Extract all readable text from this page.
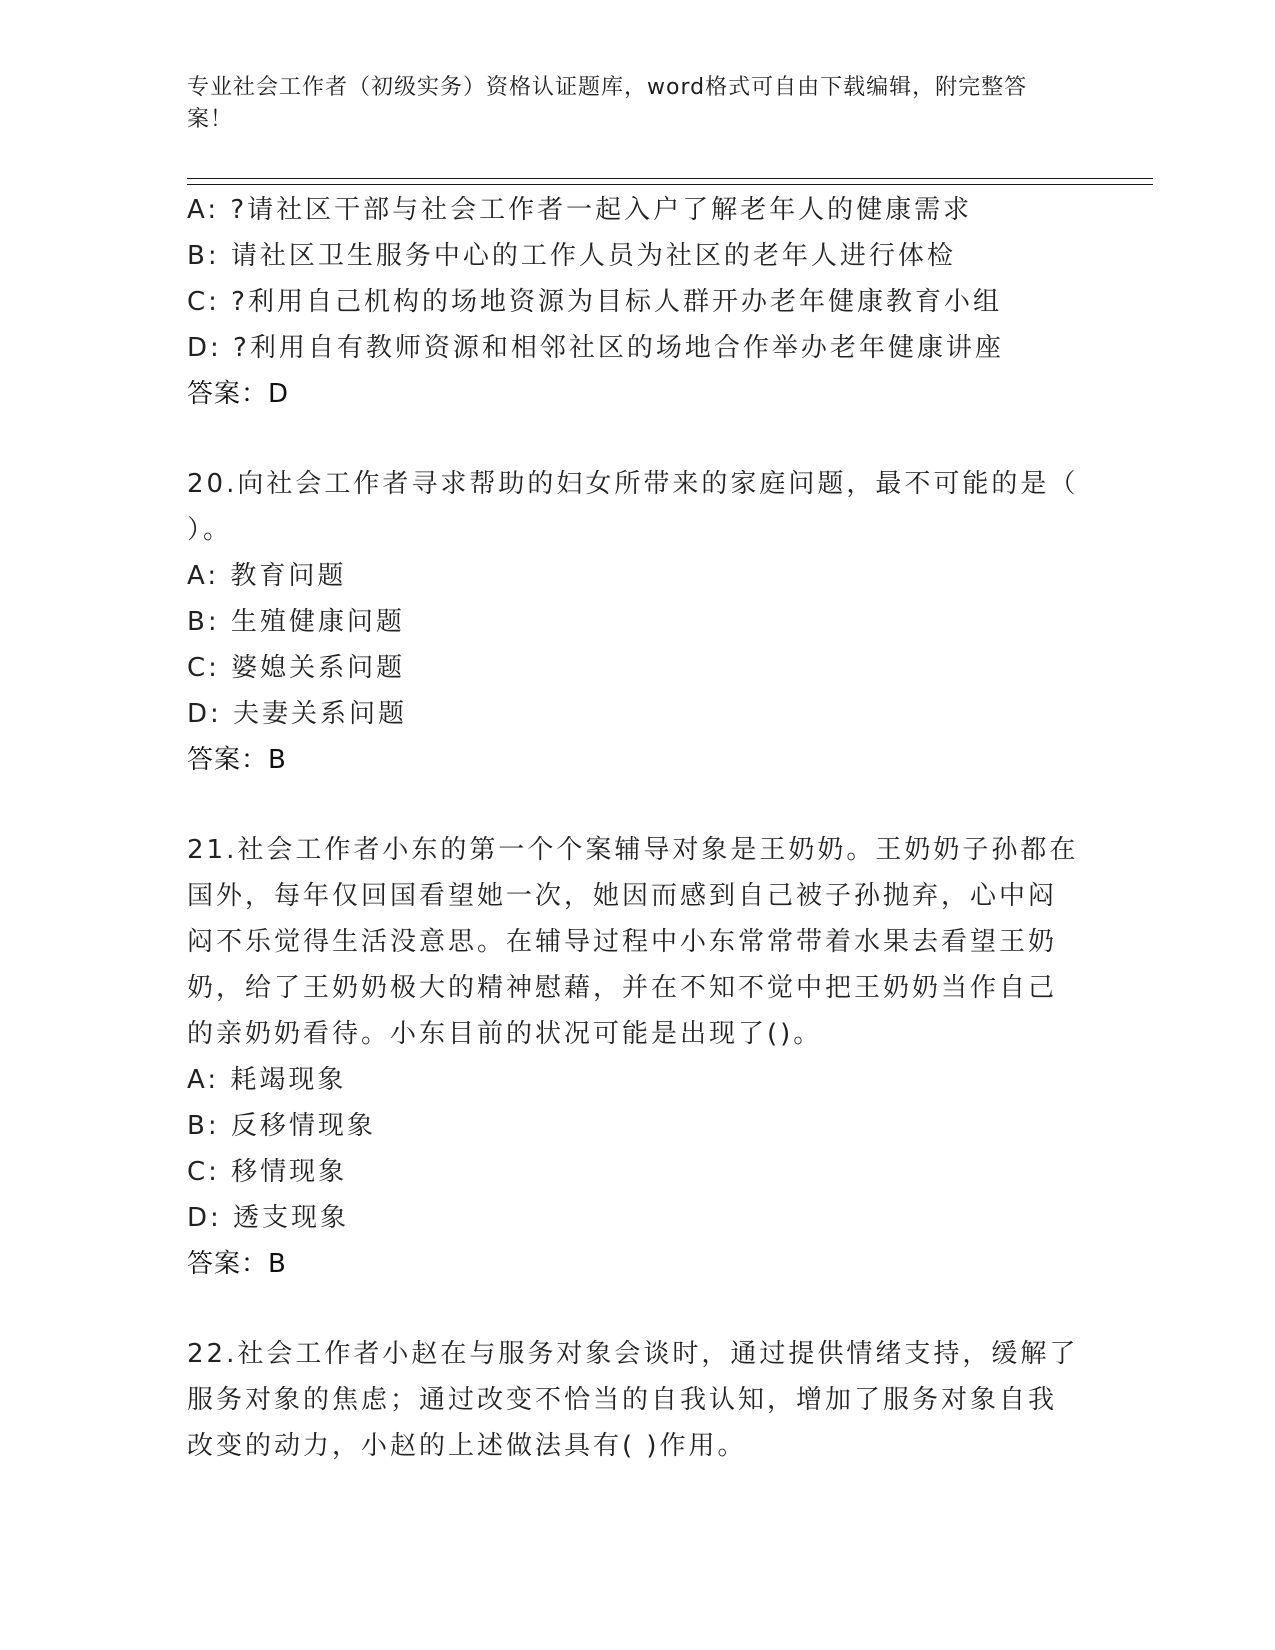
专业社会工作者（初级实务）资格认证题库，word格式可自由下载编辑，附完整答案！
A: ?请社区干部与社会工作者一起入户了解老年人的健康需求
B: 请社区卫生服务中心的工作人员为社区的老年人进行体检
C: ?利用自己机构的场地资源为目标人群开办老年健康教育小组
D: ?利用自有教师资源和相邻社区的场地合作举办老年健康讲座
答案：D
20.向社会工作者寻求帮助的妇女所带来的家庭问题，最不可能的是（
）。
A: 教育问题
B: 生殖健康问题
C: 婆媳关系问题
D: 夫妻关系问题
答案：B
21.社会工作者小东的第一个个案辅导对象是王奶奶。王奶奶子孙都在
国外，每年仅回国看望她一次，她因而感到自己被子孙抛弃，心中闷
闷不乐觉得生活没意思。在辅导过程中小东常常带着水果去看望王奶
奶，给了王奶奶极大的精神慰藉，并在不知不觉中把王奶奶当作自己
的亲奶奶看待。小东目前的状况可能是出现了()。
A: 耗竭现象
B: 反移情现象
C: 移情现象
D: 透支现象
答案：B
22.社会工作者小赵在与服务对象会谈时，通过提供情绪支持，缓解了
服务对象的焦虑；通过改变不恰当的自我认知，增加了服务对象自我
改变的动力，小赵的上述做法具有( )作用。
